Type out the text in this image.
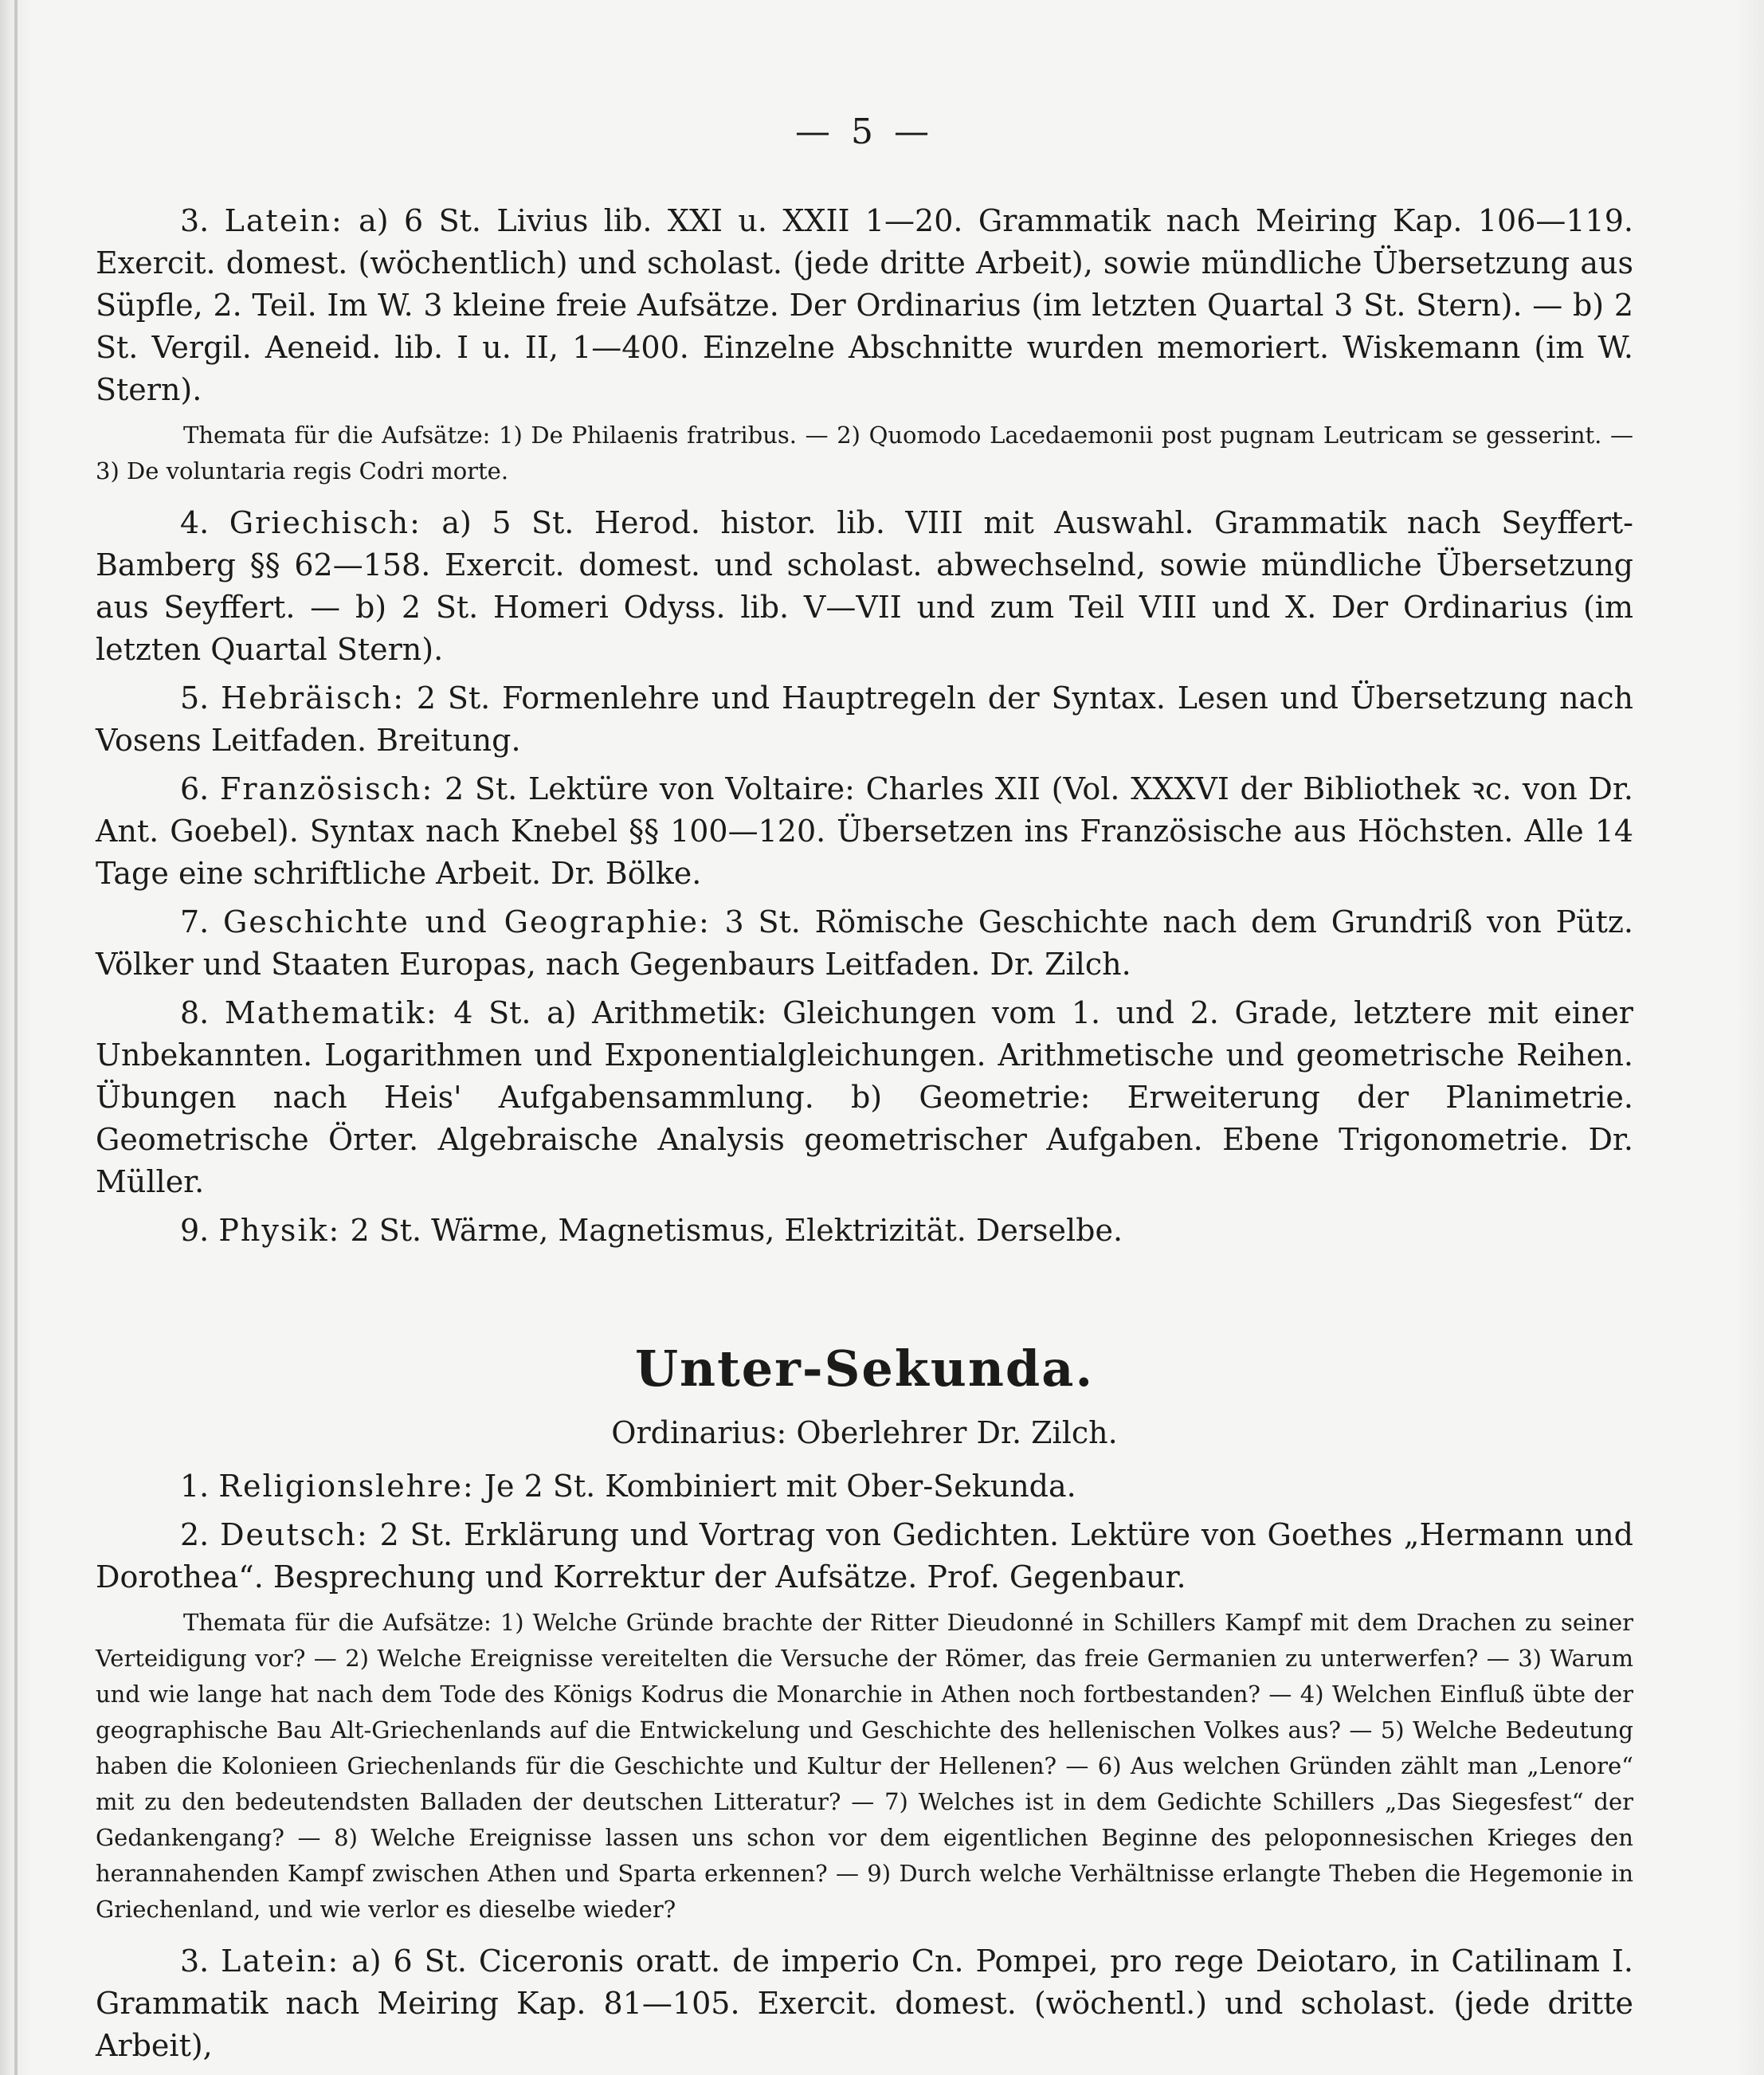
— 5 —

3. Latein: a) 6 St. Livius lib. XXI u. XXII 1—20. Grammatik nach Meiring Kap. 106—119. Exercit. domest. (wöchentlich) und scholast. (jede dritte Arbeit), sowie mündliche Übersetzung aus Süpfle, 2. Teil. Im W. 3 kleine freie Aufsätze. Der Ordinarius (im letzten Quartal 3 St. Stern). — b) 2 St. Vergil. Aeneid. lib. I u. II, 1—400. Einzelne Abschnitte wurden memoriert. Wiskemann (im W. Stern).

Themata für die Aufsätze: 1) De Philaenis fratribus. — 2) Quomodo Lacedaemonii post pugnam Leutricam se gesserint. — 3) De voluntaria regis Codri morte.

4. Griechisch: a) 5 St. Herod. histor. lib. VIII mit Auswahl. Grammatik nach Seyffert-Bamberg §§ 62—158. Exercit. domest. und scholast. abwechselnd, sowie mündliche Übersetzung aus Seyffert. — b) 2 St. Homeri Odyss. lib. V—VII und zum Teil VIII und X. Der Ordinarius (im letzten Quartal Stern).

5. Hebräisch: 2 St. Formenlehre und Hauptregeln der Syntax. Lesen und Übersetzung nach Vosens Leitfaden. Breitung.

6. Französisch: 2 St. Lektüre von Voltaire: Charles XII (Vol. XXXVI der Bibliothek ꝛc. von Dr. Ant. Goebel). Syntax nach Knebel §§ 100—120. Übersetzen ins Französische aus Höchsten. Alle 14 Tage eine schriftliche Arbeit. Dr. Bölke.

7. Geschichte und Geographie: 3 St. Römische Geschichte nach dem Grundriß von Pütz. Völker und Staaten Europas, nach Gegenbaurs Leitfaden. Dr. Zilch.

8. Mathematik: 4 St. a) Arithmetik: Gleichungen vom 1. und 2. Grade, letztere mit einer Unbekannten. Logarithmen und Exponentialgleichungen. Arithmetische und geometrische Reihen. Übungen nach Heis' Aufgabensammlung. b) Geometrie: Erweiterung der Planimetrie. Geometrische Örter. Algebraische Analysis geometrischer Aufgaben. Ebene Trigonometrie. Dr. Müller.

9. Physik: 2 St. Wärme, Magnetismus, Elektrizität. Derselbe.

Unter-Sekunda.
Ordinarius: Oberlehrer Dr. Zilch.

1. Religionslehre: Je 2 St. Kombiniert mit Ober-Sekunda.

2. Deutsch: 2 St. Erklärung und Vortrag von Gedichten. Lektüre von Goethes „Hermann und Dorothea“. Besprechung und Korrektur der Aufsätze. Prof. Gegenbaur.

Themata für die Aufsätze: 1) Welche Gründe brachte der Ritter Dieudonné in Schillers Kampf mit dem Drachen zu seiner Verteidigung vor? — 2) Welche Ereignisse vereitelten die Versuche der Römer, das freie Germanien zu unterwerfen? — 3) Warum und wie lange hat nach dem Tode des Königs Kodrus die Monarchie in Athen noch fortbestanden? — 4) Welchen Einfluß übte der geographische Bau Alt-Griechenlands auf die Entwickelung und Geschichte des hellenischen Volkes aus? — 5) Welche Bedeutung haben die Kolonieen Griechenlands für die Geschichte und Kultur der Hellenen? — 6) Aus welchen Gründen zählt man „Lenore“ mit zu den bedeutendsten Balladen der deutschen Litteratur? — 7) Welches ist in dem Gedichte Schillers „Das Siegesfest“ der Gedankengang? — 8) Welche Ereignisse lassen uns schon vor dem eigentlichen Beginne des peloponnesischen Krieges den herannahenden Kampf zwischen Athen und Sparta erkennen? — 9) Durch welche Verhältnisse erlangte Theben die Hegemonie in Griechenland, und wie verlor es dieselbe wieder?

3. Latein: a) 6 St. Ciceronis oratt. de imperio Cn. Pompei, pro rege Deiotaro, in Catilinam I. Grammatik nach Meiring Kap. 81—105. Exercit. domest. (wöchentl.) und scholast. (jede dritte Arbeit),
